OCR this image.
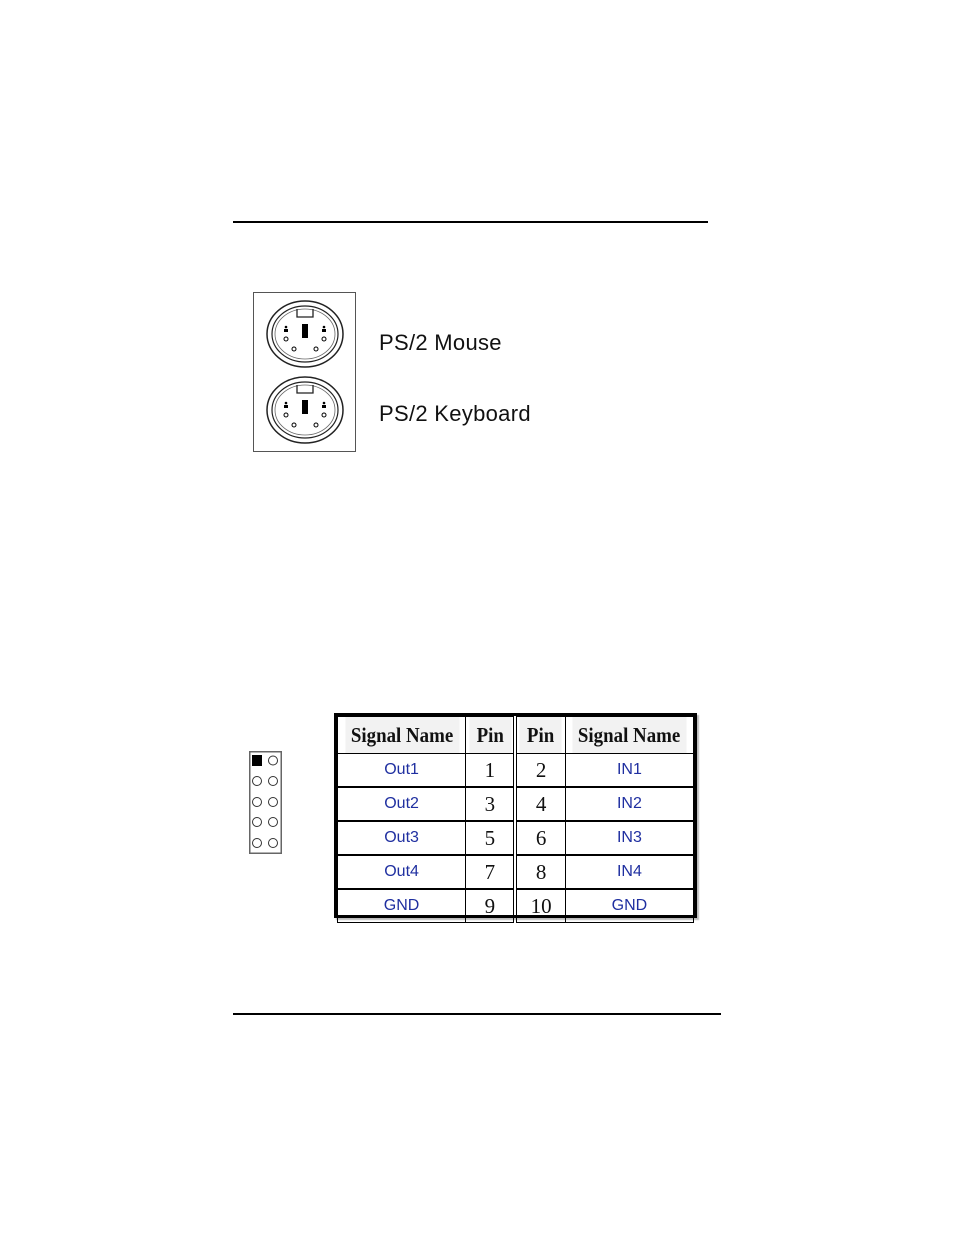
PS/2 Mouse
PS/2 Keyboard
Signal Name	Pin	Pin	Signal Name
Out1	1	2	IN1
Out2	3	4	IN2
Out3	5	6	IN3
Out4	7	8	IN4
GND	9	10	GND
